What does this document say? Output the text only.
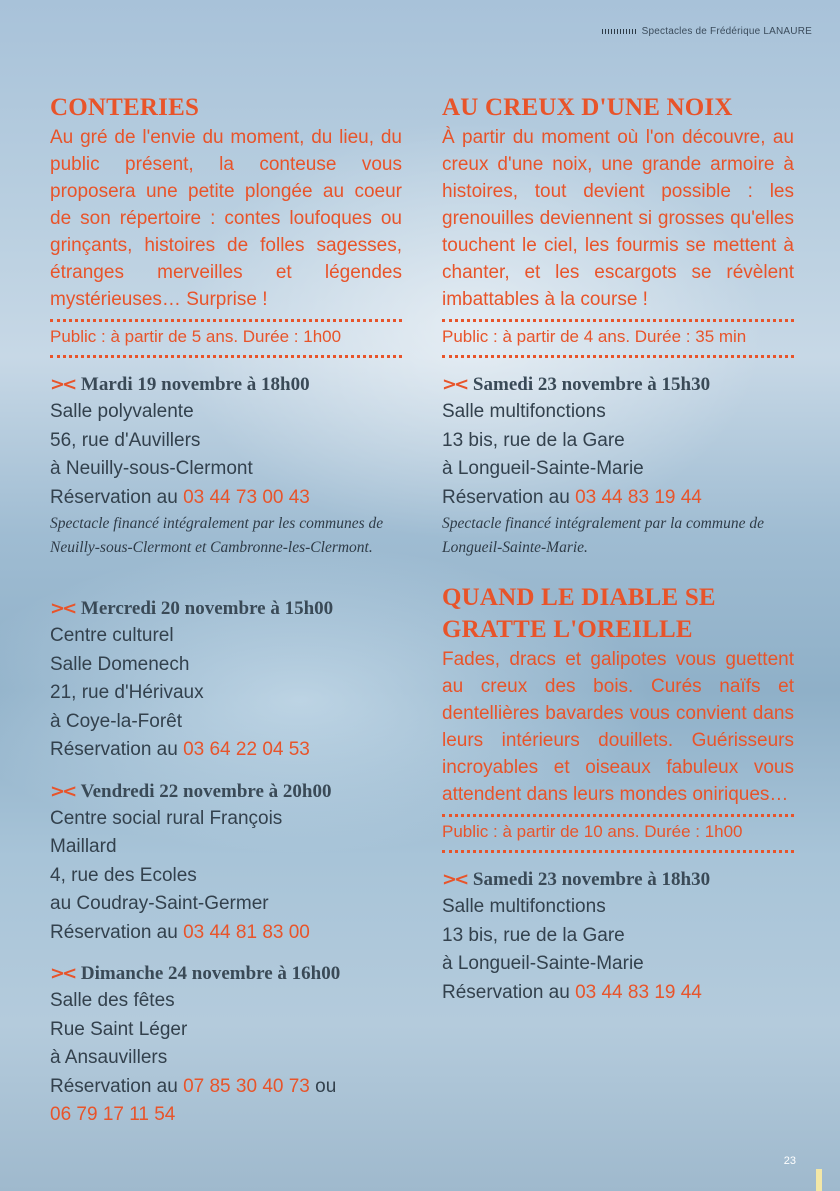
Spectacles de Frédérique LANAURE
CONTERIES

Au gré de l'envie du moment, du lieu, du public présent, la conteuse vous proposera une petite plongée au coeur de son répertoire : contes loufoques ou grinçants, histoires de folles sagesses, étranges merveilles et légendes mystérieuses… Surprise !

Public : à partir de 5 ans. Durée : 1h00
>< Mardi 19 novembre à 18h00

Salle polyvalente

56, rue d'Auvillers

à Neuilly-sous-Clermont

Réservation au 03 44 73 00 43

Spectacle financé intégralement par les communes de Neuilly-sous-Clermont et Cambronne-les-Clermont.

>< Mercredi 20 novembre à 15h00

Centre culturel

Salle Domenech

21, rue d'Hérivaux

à Coye-la-Forêt

Réservation au 03 64 22 04 53

>< Vendredi 22 novembre à 20h00

Centre social rural François

Maillard

4, rue des Ecoles

au Coudray-Saint-Germer

Réservation au 03 44 81 83 00

>< Dimanche 24 novembre à 16h00

Salle des fêtes

Rue Saint Léger

à Ansauvillers

Réservation au 07 85 30 40 73 ou

06 79 17 11 54

AU CREUX D'UNE NOIX

À partir du moment où l'on découvre, au creux d'une noix, une grande armoire à histoires, tout devient possible : les grenouilles deviennent si grosses qu'elles touchent le ciel, les fourmis se mettent à chanter, et les escargots se révèlent imbattables à la course !

Public : à partir de 4 ans. Durée : 35 min
>< Samedi 23 novembre à 15h30

Salle multifonctions

13 bis, rue de la Gare

à Longueil-Sainte-Marie

Réservation au 03 44 83 19 44

Spectacle financé intégralement par la commune de Longueil-Sainte-Marie.

QUAND LE DIABLE SE GRATTE L'OREILLE

Fades, dracs et galipotes vous guettent au creux des bois. Curés naïfs et dentellières bavardes vous convient dans leurs intérieurs douillets. Guérisseurs incroyables et oiseaux fabuleux vous attendent dans leurs mondes oniriques…

Public : à partir de 10 ans. Durée : 1h00
>< Samedi 23 novembre à 18h30

Salle multifonctions

13 bis, rue de la Gare

à Longueil-Sainte-Marie

Réservation au 03 44 83 19 44

23
